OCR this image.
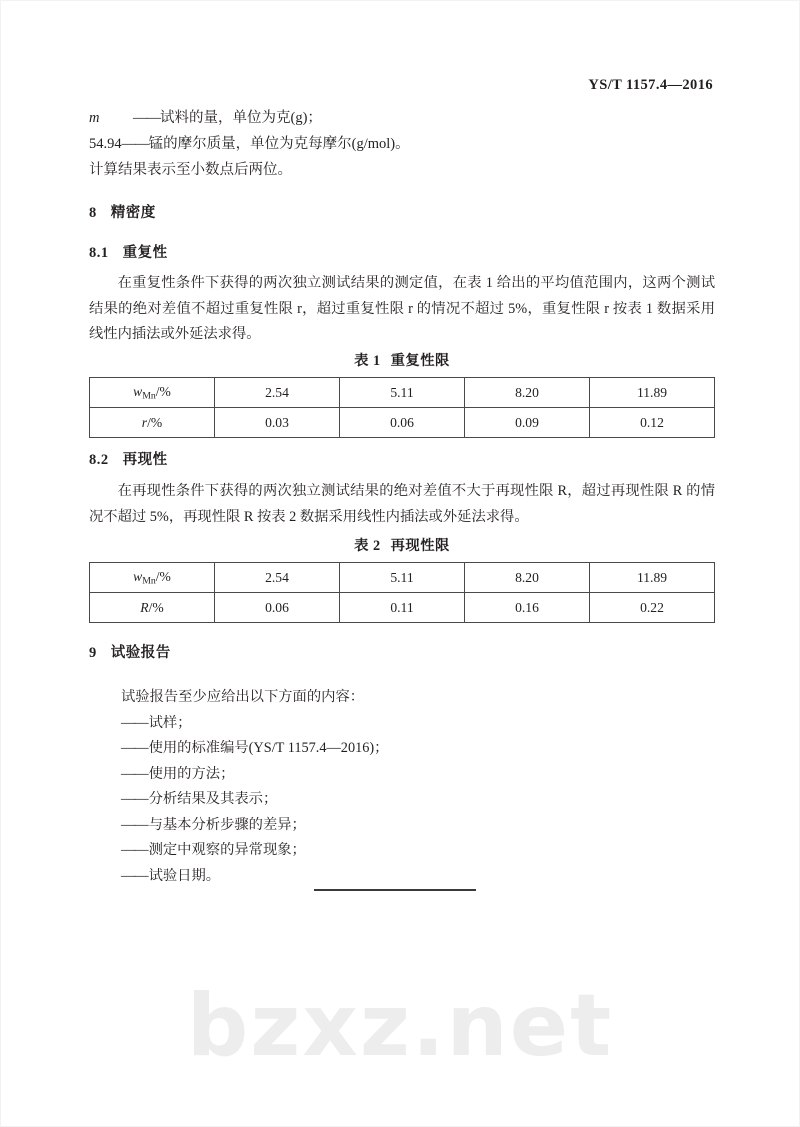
bzxz.net
YS/T 1157.4—2016
m ——试料的量，单位为克(g)；
54.94——锰的摩尔质量，单位为克每摩尔(g/mol)。
计算结果表示至小数点后两位。
8 精密度
8.1 重复性
在重复性条件下获得的两次独立测试结果的测定值，在表 1 给出的平均值范围内，这两个测试结果的绝对差值不超过重复性限 r，超过重复性限 r 的情况不超过 5%，重复性限 r 按表 1 数据采用线性内插法或外延法求得。
表 1 重复性限
$w_{Mn}/\%$	2.54	5.11	8.20	11.89
r/%	0.03	0.06	0.09	0.12
8.2 再现性
在再现性条件下获得的两次独立测试结果的绝对差值不大于再现性限 R，超过再现性限 R 的情况不超过 5%，再现性限 R 按表 2 数据采用线性内插法或外延法求得。
表 2 再现性限
$w_{Mn}/\%$	2.54	5.11	8.20	11.89
R/%	0.06	0.11	0.16	0.22
9 试验报告
试验报告至少应给出以下方面的内容：
——试样；
——使用的标准编号(YS/T 1157.4—2016)；
——使用的方法；
——分析结果及其表示；
——与基本分析步骤的差异；
——测定中观察的异常现象；
——试验日期。
